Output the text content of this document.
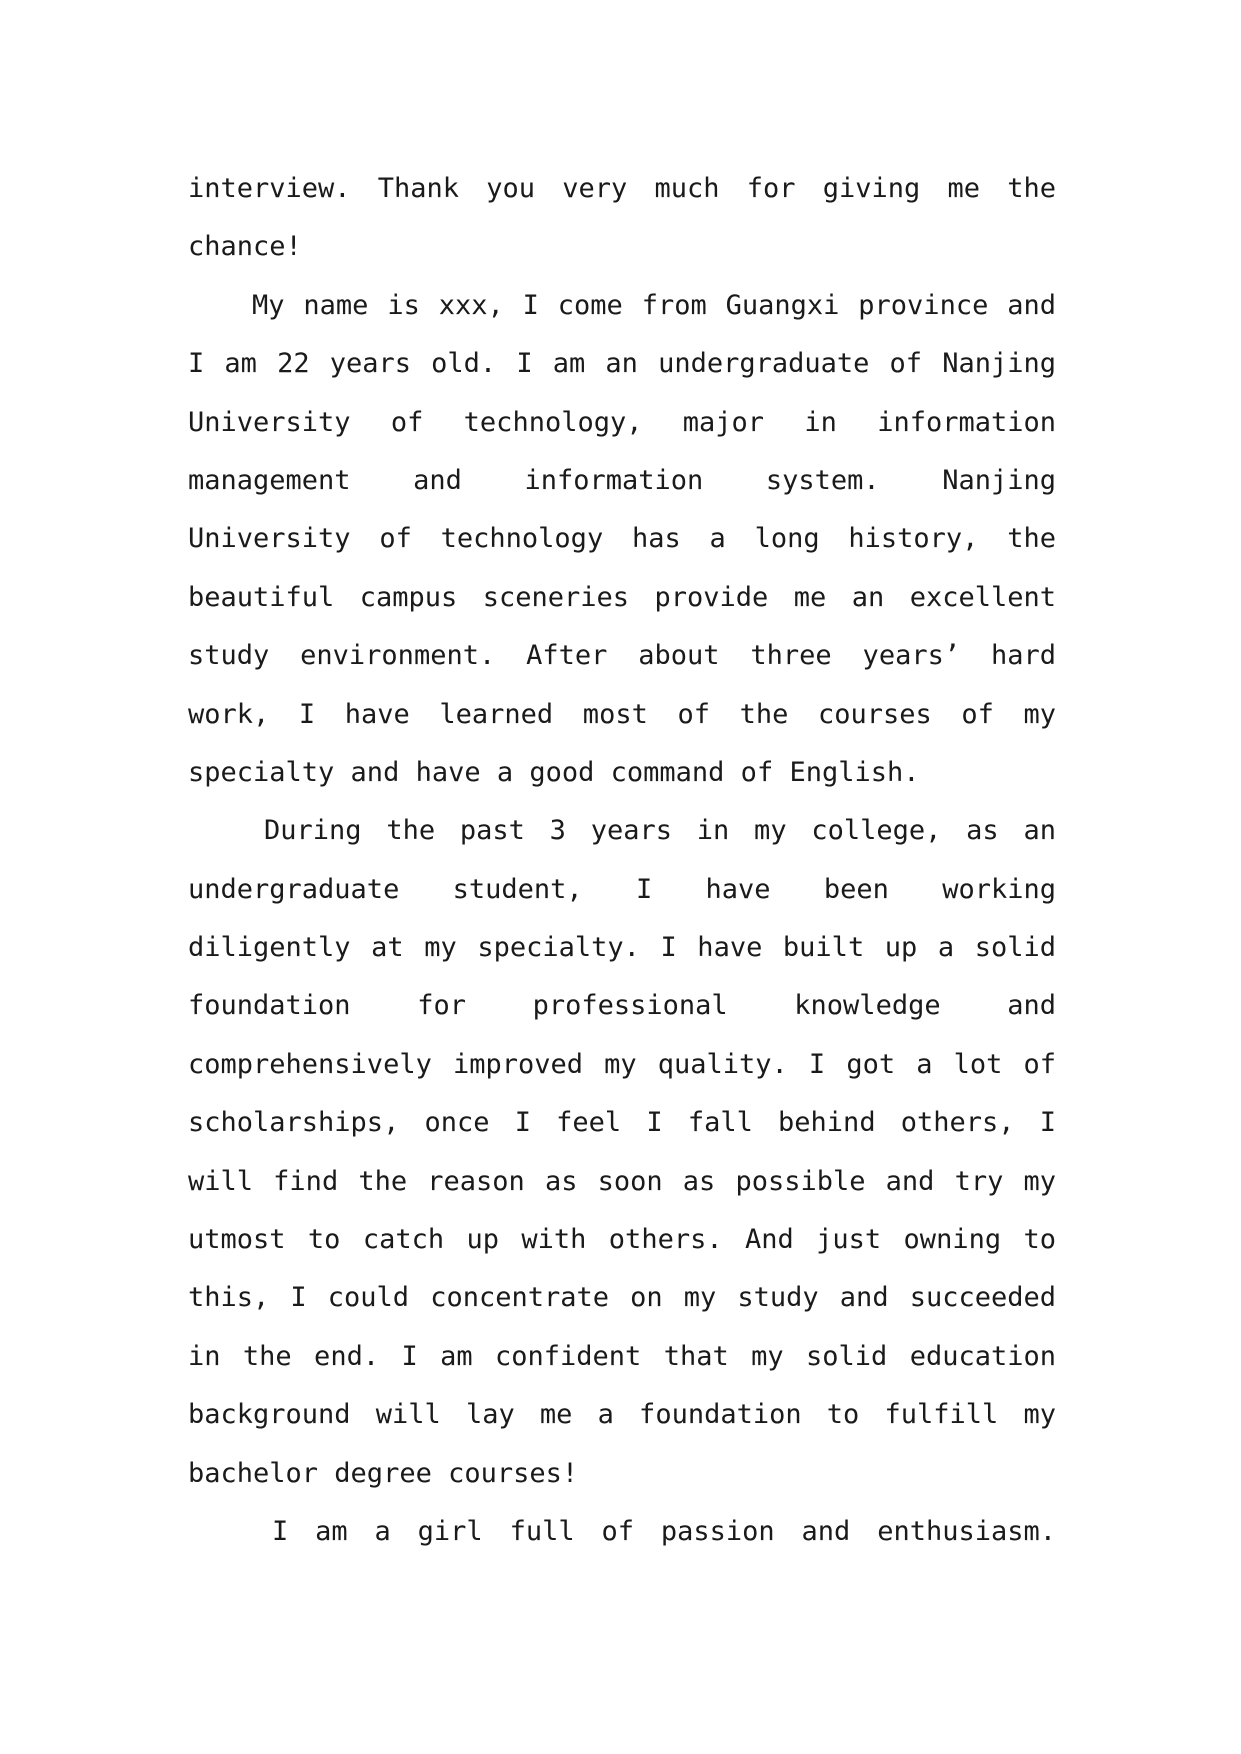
interview. Thank you very much for giving me the
chance!
My name is xxx, I come from Guangxi province and
I am 22 years old. I am an undergraduate of Nanjing
University of technology, major in information
management and information system. Nanjing
University of technology has a long history, the
beautiful campus sceneries provide me an excellent
study environment. After about three years’ hard
work, I have learned most of the courses of my
specialty and have a good command of English.
During the past 3 years in my college, as an
undergraduate student, I have been working
diligently at my specialty. I have built up a solid
foundation for professional knowledge and
comprehensively improved my quality. I got a lot of
scholarships, once I feel I fall behind others, I
will find the reason as soon as possible and try my
utmost to catch up with others. And just owning to
this, I could concentrate on my study and succeeded
in the end. I am confident that my solid education
background will lay me a foundation to fulfill my
bachelor degree courses!
I am a girl full of passion and enthusiasm.
